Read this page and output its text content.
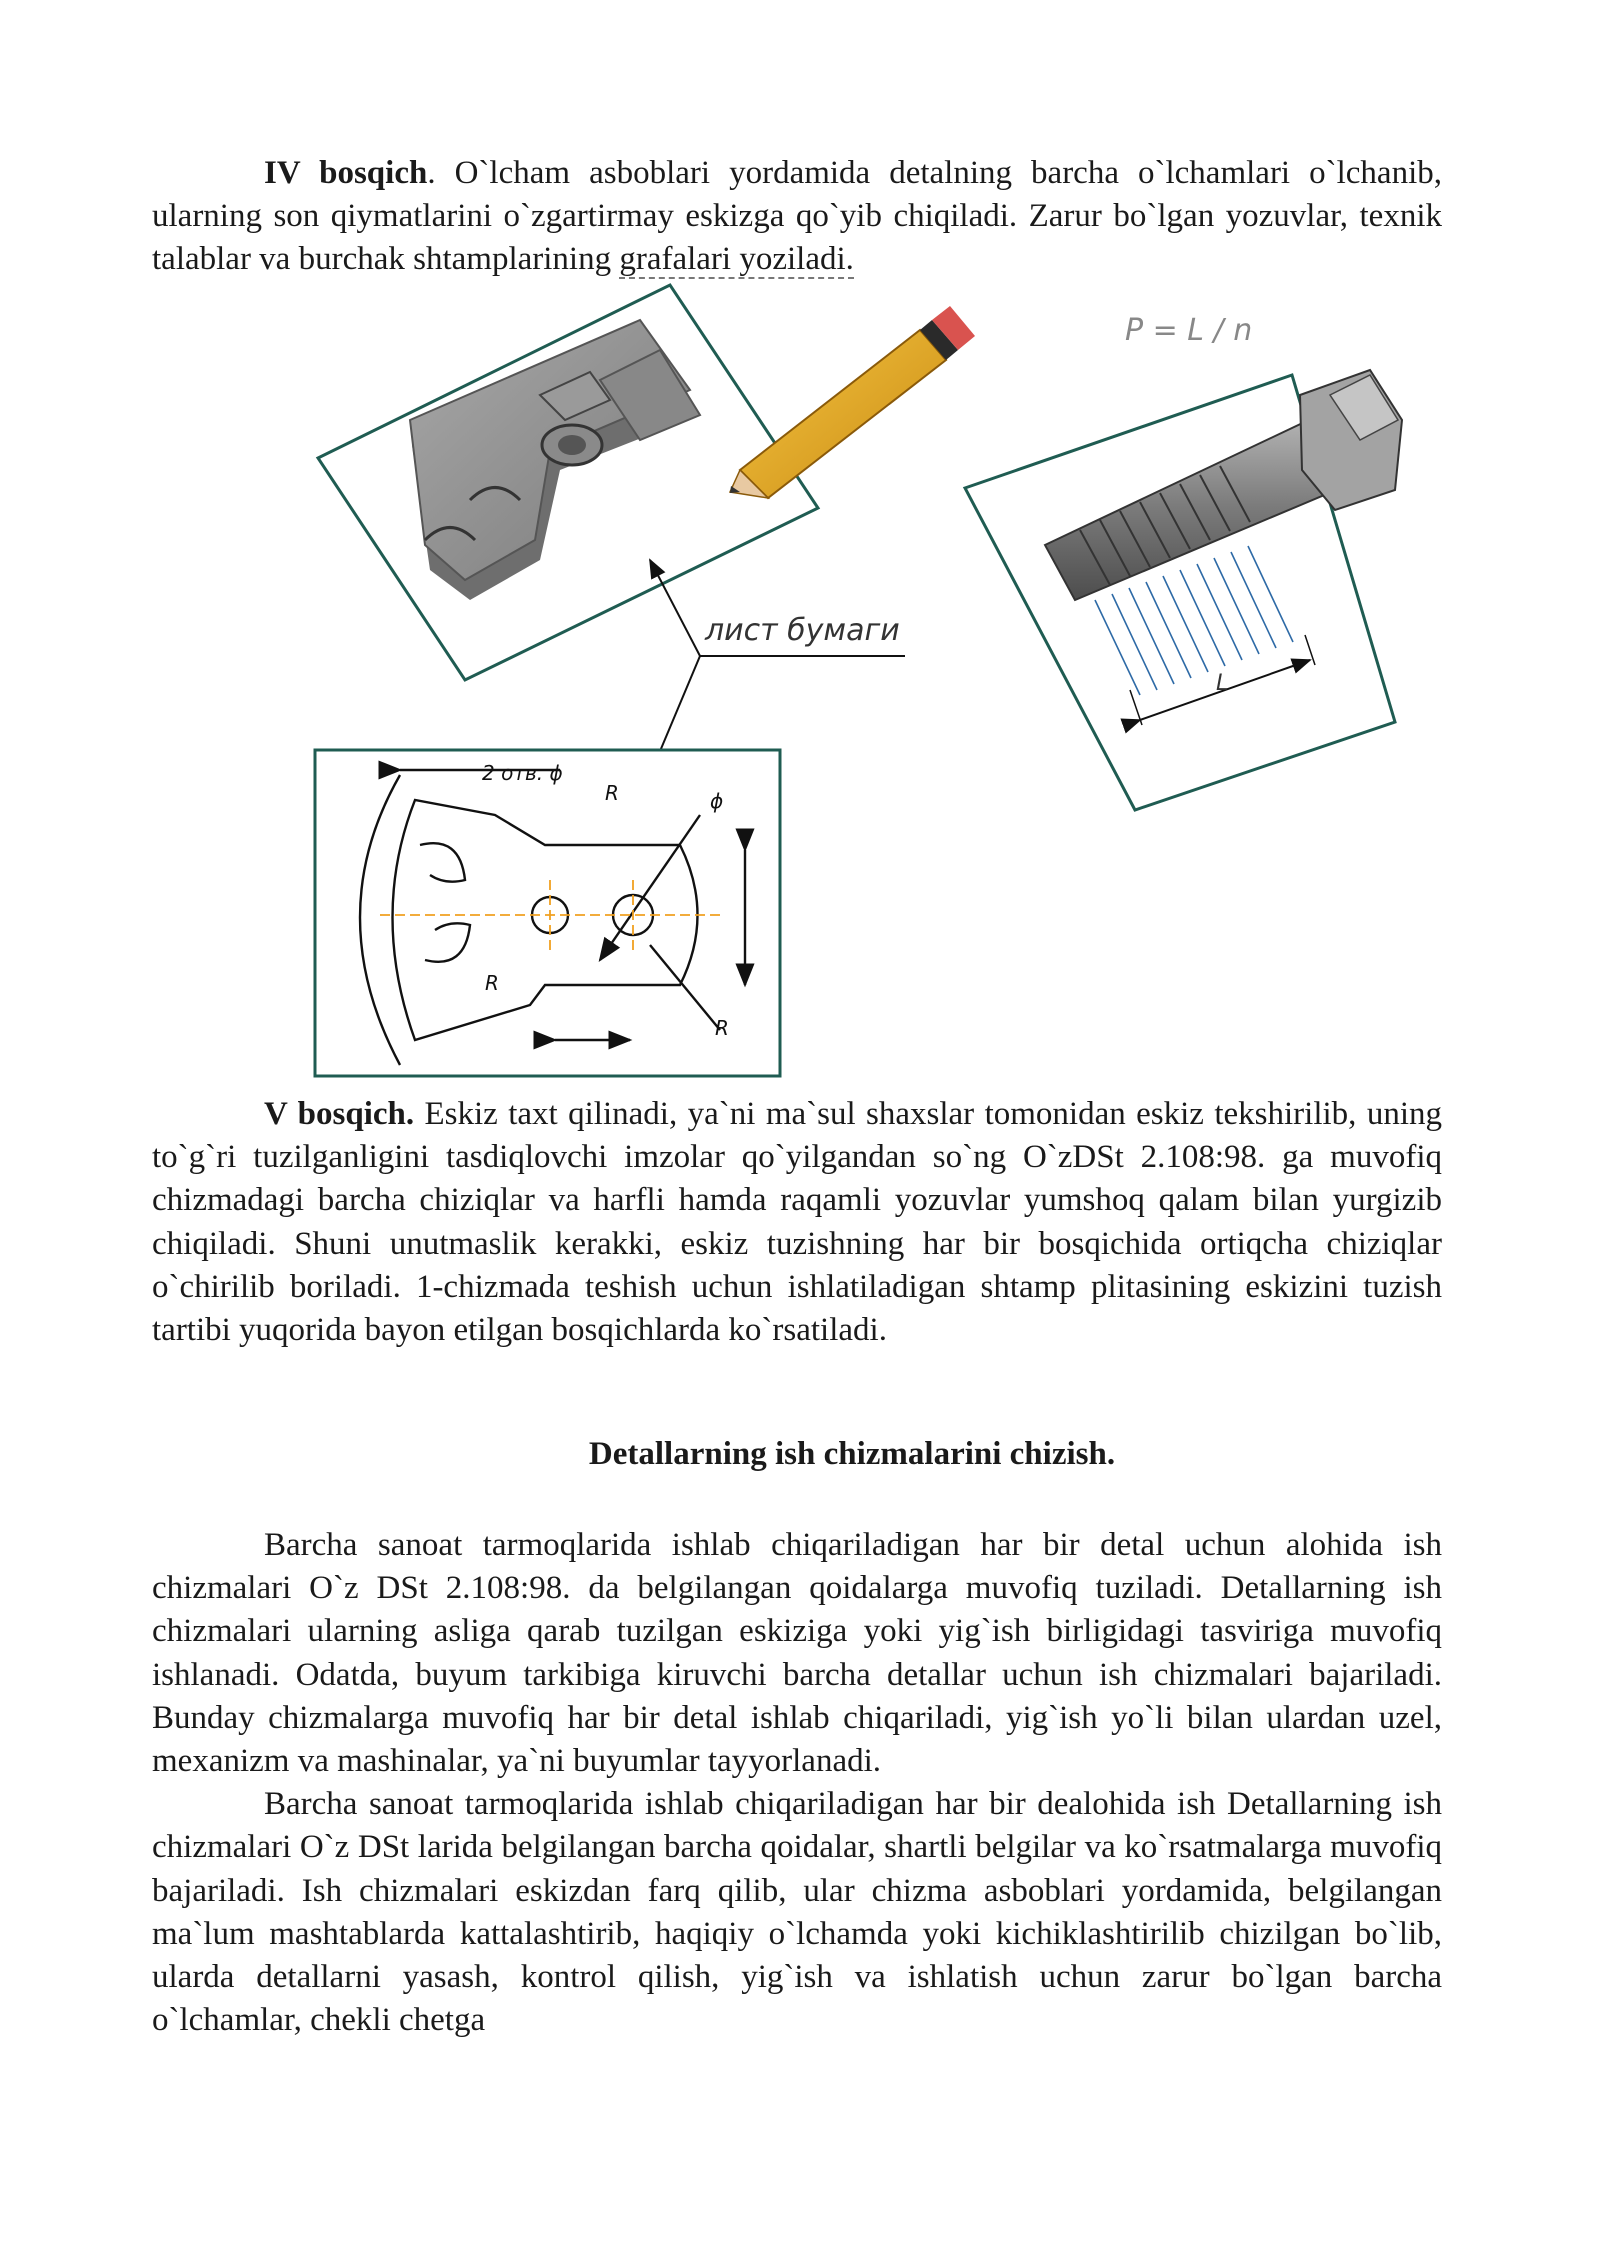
IV bosqich. O`lcham asboblari yordamida detalning barcha o`lchamlari o`lchanib, ularning son qiymatlarini o`zgartirmay eskizga qo`yib chiqiladi. Zarur bo`lgan yozuvlar, texnik talablar va burchak shtamplarining grafalari yoziladi.

P = L / n
L
лист бумаги
2 отв. ϕ
R	ϕ
R
R

V bosqich. Eskiz taxt qilinadi, ya`ni ma`sul shaxslar tomonidan eskiz tekshirilib, uning to`g`ri tuzilganligini tasdiqlovchi imzolar qo`yilgandan so`ng O`zDSt 2.108:98. ga muvofiq chizmadagi barcha chiziqlar va harfli hamda raqamli yozuvlar yumshoq qalam bilan yurgizib chiqiladi. Shuni unutmaslik kerakki, eskiz tuzishning har bir bosqichida ortiqcha chiziqlar o`chirilib boriladi. 1-chizmada teshish uchun ishlatiladigan shtamp plitasining eskizini tuzish tartibi yuqorida bayon etilgan bosqichlarda ko`rsatiladi.

Detallarning ish chizmalarini chizish.

Barcha sanoat tarmoqlarida ishlab chiqariladigan har bir detal uchun alohida ish chizmalari O`z DSt 2.108:98. da belgilangan qoidalarga muvofiq tuziladi. Detallarning ish chizmalari ularning asliga qarab tuzilgan eskiziga yoki yig`ish birligidagi tasviriga muvofiq ishlanadi. Odatda, buyum tarkibiga kiruvchi barcha detallar uchun ish chizmalari bajariladi. Bunday chizmalarga muvofiq har bir detal ishlab chiqariladi, yig`ish yo`li bilan ulardan uzel, mexanizm va mashinalar, ya`ni buyumlar tayyorlanadi.

Barcha sanoat tarmoqlarida ishlab chiqariladigan har bir dealohida ish Detallarning ish chizmalari O`z DSt larida belgilangan barcha qoidalar, shartli belgilar va ko`rsatmalarga muvofiq bajariladi. Ish chizmalari eskizdan farq qilib, ular chizma asboblari yordamida, belgilangan ma`lum mashtablarda kattalashtirib, haqiqiy o`lchamda yoki kichiklashtirilib chizilgan bo`lib, ularda detallarni yasash, kontrol qilish, yig`ish va ishlatish uchun zarur bo`lgan barcha o`lchamlar, chekli chetga
